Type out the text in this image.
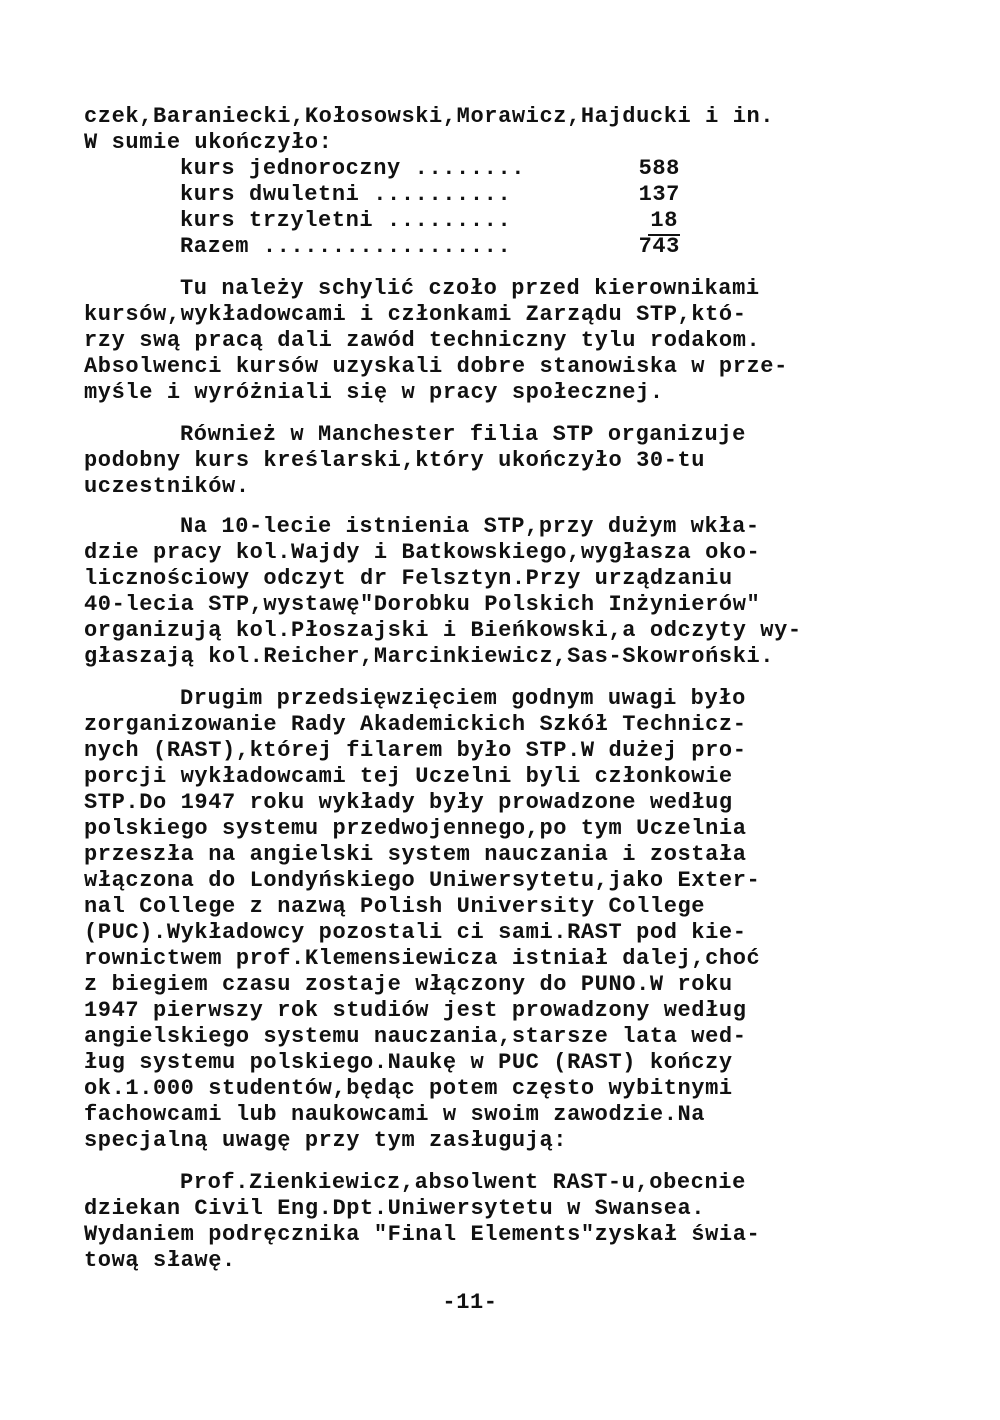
czek,Baraniecki,Kołosowski,Morawicz,Hajducki i in.
W sumie ukończyło:
kurs jednoroczny ........	588
kurs dwuletni ..........	137
kurs trzyletni .........	18
Razem ..................	743
Tu należy schylić czoło przed kierownikami
kursów,wykładowcami i członkami Zarządu STP,któ-
rzy swą pracą dali zawód techniczny tylu rodakom.
Absolwenci kursów uzyskali dobre stanowiska w prze-
myśle i wyróżniali się w pracy społecznej.
Również w Manchester filia STP organizuje
podobny kurs kreślarski,który ukończyło 30-tu
uczestników.
Na 10-lecie istnienia STP,przy dużym wkła-
dzie pracy kol.Wajdy i Batkowskiego,wygłasza oko-
licznościowy odczyt dr Felsztyn.Przy urządzaniu
40-lecia STP,wystawę"Dorobku Polskich Inżynierów"
organizują kol.Płoszajski i Bieńkowski,a odczyty wy-
głaszają kol.Reicher,Marcinkiewicz,Sas-Skowroński.
Drugim przedsięwzięciem godnym uwagi było
zorganizowanie Rady Akademickich Szkół Technicz-
nych (RAST),której filarem było STP.W dużej pro-
porcji wykładowcami tej Uczelni byli członkowie
STP.Do 1947 roku wykłady były prowadzone według
polskiego systemu przedwojennego,po tym Uczelnia
przeszła na angielski system nauczania i została
włączona do Londyńskiego Uniwersytetu,jako Exter-
nal College z nazwą Polish University College
(PUC).Wykładowcy pozostali ci sami.RAST pod kie-
rownictwem prof.Klemensiewicza istniał dalej,choć
z biegiem czasu zostaje włączony do PUNO.W roku
1947 pierwszy rok studiów jest prowadzony według
angielskiego systemu nauczania,starsze lata wed-
ług systemu polskiego.Naukę w PUC (RAST) kończy
ok.1.000 studentów,będąc potem często wybitnymi
fachowcami lub naukowcami w swoim zawodzie.Na
specjalną uwagę przy tym zasługują:
Prof.Zienkiewicz,absolwent RAST-u,obecnie
dziekan Civil Eng.Dpt.Uniwersytetu w Swansea.
Wydaniem podręcznika "Final Elements"zyskał świa-
tową sławę.
-11-
